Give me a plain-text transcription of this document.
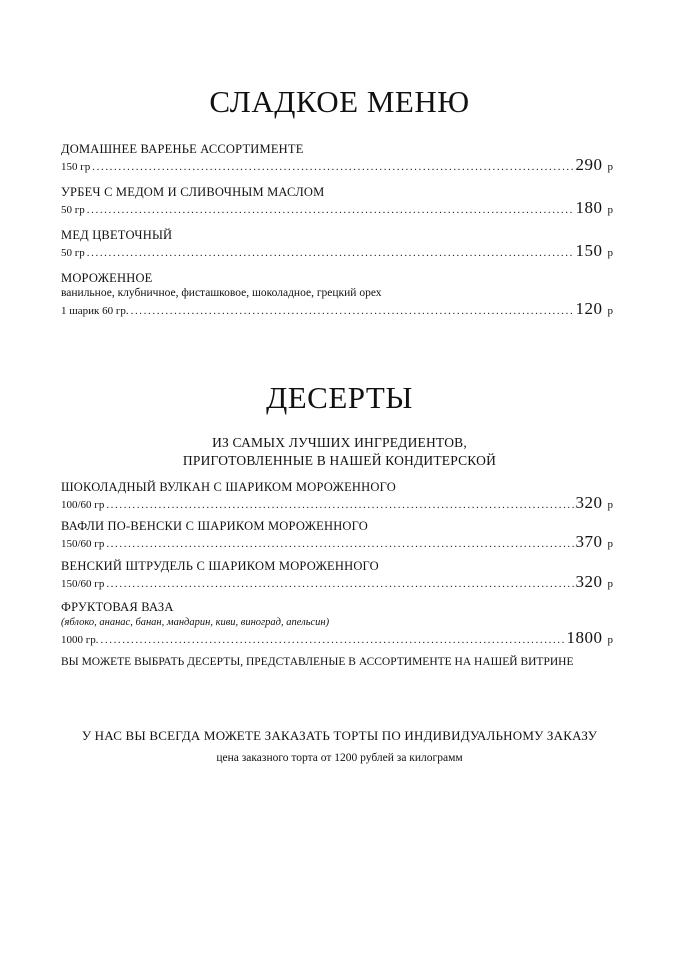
СЛАДКОЕ МЕНЮ
ДОМАШНЕЕ ВАРЕНЬЕ АССОРТИМЕНТЕ
150 гр .....	290 р
УРБЕЧ С МЕДОМ И СЛИВОЧНЫМ МАСЛОМ
50 гр .....	180 р
МЕД ЦВЕТОЧНЫЙ
50 гр .....	150 р
МОРОЖЕННОЕ
ванильное, клубничное, фисташковое, шоколадное, грецкий орех
1 шарик 60 гр. .....	120 р
ДЕСЕРТЫ
ИЗ САМЫХ ЛУЧШИХ ИНГРЕДИЕНТОВ,
ПРИГОТОВЛЕННЫЕ В НАШЕЙ КОНДИТЕРСКОЙ
ШОКОЛАДНЫЙ ВУЛКАН С ШАРИКОМ МОРОЖЕННОГО
100/60 гр .....	320 р
ВАФЛИ ПО-ВЕНСКИ С ШАРИКОМ МОРОЖЕННОГО
150/60 гр .....	370 р
ВЕНСКИЙ ШТРУДЕЛЬ С ШАРИКОМ МОРОЖЕННОГО
150/60 гр .....	320 р
ФРУКТОВАЯ ВАЗА
(яблоко, ананас, банан, мандарин, киви, виноград, апельсин)
1000 гр. .....	1800 р
ВЫ МОЖЕТЕ ВЫБРАТЬ ДЕСЕРТЫ, ПРЕДСТАВЛЕНЫЕ В АССОРТИМЕНТЕ НА НАШЕЙ ВИТРИНЕ
У НАС ВЫ ВСЕГДА МОЖЕТЕ ЗАКАЗАТЬ ТОРТЫ ПО ИНДИВИДУАЛЬНОМУ ЗАКАЗУ
цена заказного торта от 1200 рублей за килограмм
